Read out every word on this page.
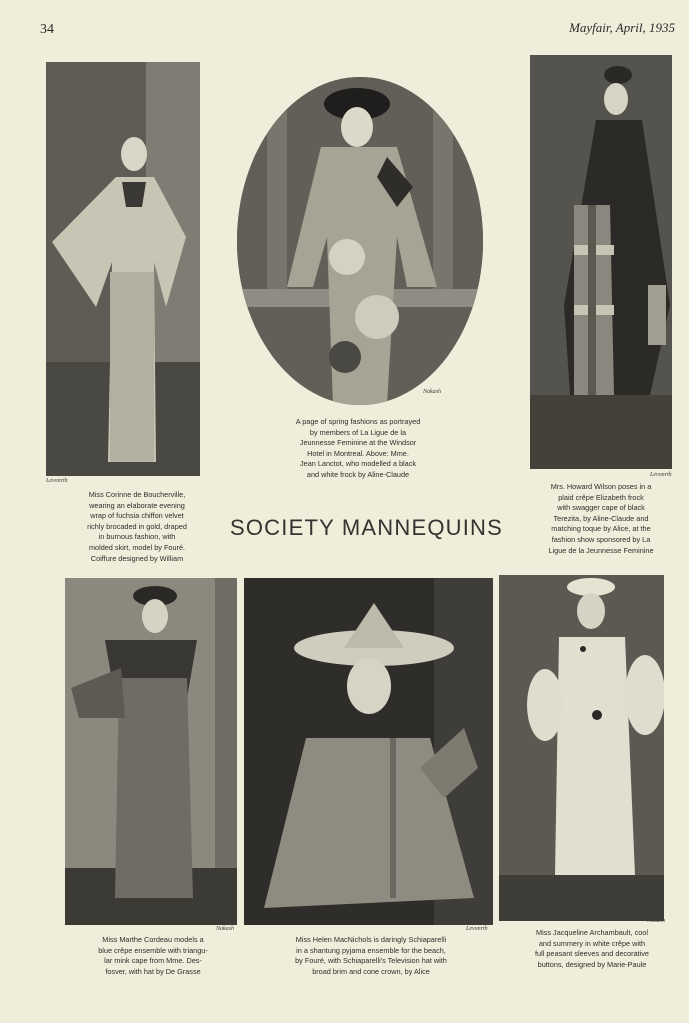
34	Mayfair, April, 1935
Levonrth
Nakash
Levonrth
Miss Corinne de Boucherville,
wearing an elaborate evening
wrap of fuchsia chiffon velvet
richly brocaded in gold, draped
in burnous fashion, with
molded skirt, model by Fouré.
Coiffure designed by William
A page of spring fashions as portrayed
by members of La Ligue de la
Jeunnesse Feminine at the Windsor
Hotel in Montreal. Above: Mme.
Jean Lanctot, who modelled a black
and white frock by Aline-Claude
Mrs. Howard Wilson poses in a
plaid crêpe Elizabeth frock
with swagger cape of black
Terezita, by Aline-Claude and
matching toque by Alice, at the
fashion show sponsored by La
Ligue de la Jeunnesse Feminine
SOCIETY MANNEQUINS
Nakash	Levonrth
Nakash
Miss Marthe Cordeau models a
blue crêpe ensemble with triangu-
lar mink cape from Mme. Des-
fosver, with hat by De Grasse
Miss Helen MacNichols is daringly Schiaparelli
in a shantung pyjama ensemble for the beach,
by Fouré, with Schiaparelli's Television hat with
broad brim and cone crown, by Alice
Miss Jacqueline Archambault, cool
and summery in white crêpe with
full peasant sleeves and decorative
buttons, designed by Marie-Paule
